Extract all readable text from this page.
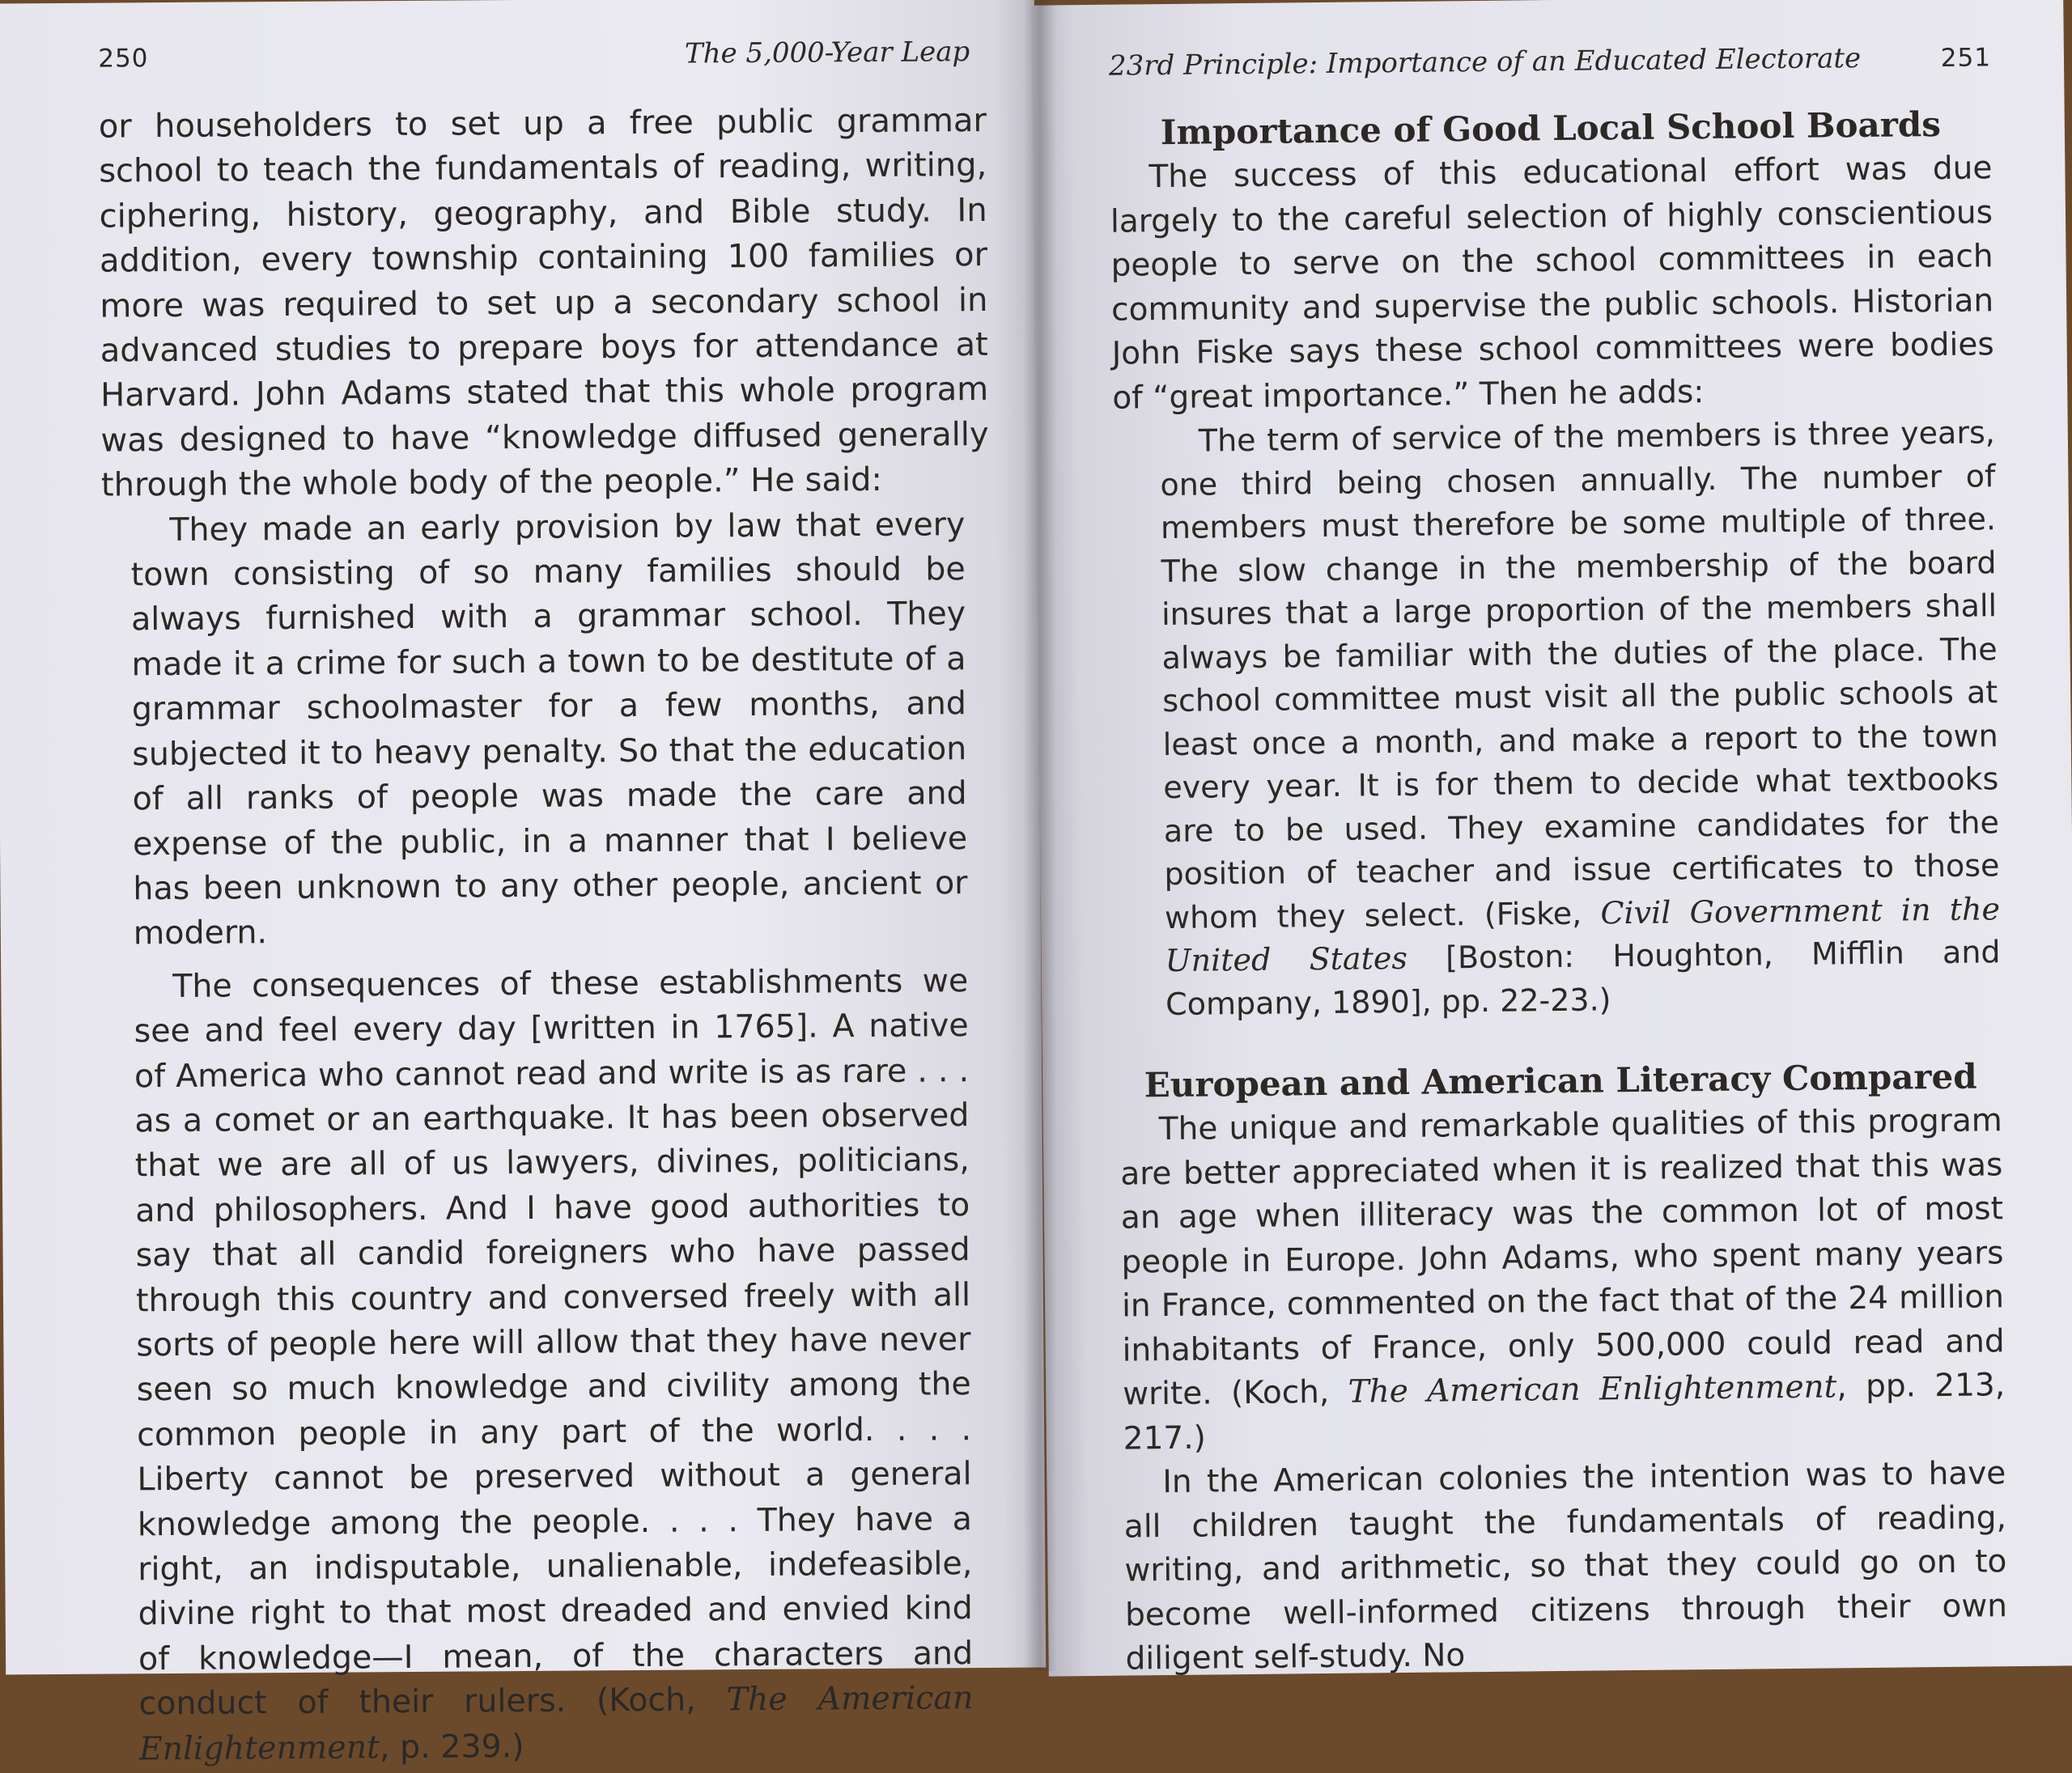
250	The 5,000-Year Leap

or householders to set up a free public grammar school to teach the fundamentals of reading, writing, ciphering, history, geography, and Bible study. In addition, every township containing 100 families or more was required to set up a secondary school in advanced studies to prepare boys for attendance at Harvard. John Adams stated that this whole program was designed to have “knowledge diffused generally through the whole body of the people.” He said:

They made an early provision by law that every town consisting of so many families should be always furnished with a grammar school. They made it a crime for such a town to be destitute of a grammar schoolmaster for a few months, and subjected it to heavy penalty. So that the education of all ranks of people was made the care and expense of the public, in a manner that I believe has been unknown to any other people, ancient or modern.

The consequences of these establishments we see and feel every day [written in 1765]. A native of America who cannot read and write is as rare . . . as a comet or an earthquake. It has been observed that we are all of us lawyers, divines, politicians, and philosophers. And I have good authorities to say that all candid foreigners who have passed through this country and conversed freely with all sorts of people here will allow that they have never seen so much knowledge and civility among the common people in any part of the world. . . . Liberty cannot be preserved without a general knowledge among the people. . . . They have a right, an indisputable, unalienable, indefeasible, divine right to that most dreaded and envied kind of knowledge—I mean, of the characters and conduct of their rulers. (Koch, The American Enlightenment, p. 239.)

23rd Principle: Importance of an Educated Electorate	251
Importance of Good Local School Boards

The success of this educational effort was due largely to the careful selection of highly conscientious people to serve on the school committees in each community and supervise the public schools. Historian John Fiske says these school committees were bodies of “great importance.” Then he adds:

The term of service of the members is three years, one third being chosen annually. The number of members must therefore be some multiple of three. The slow change in the membership of the board insures that a large proportion of the members shall always be familiar with the duties of the place. The school committee must visit all the public schools at least once a month, and make a report to the town every year. It is for them to decide what textbooks are to be used. They examine candidates for the position of teacher and issue certificates to those whom they select. (Fiske, Civil Government in the United States [Boston: Houghton, Mifflin and Company, 1890], pp. 22-23.)

European and American Literacy Compared

The unique and remarkable qualities of this program are better appreciated when it is realized that this was an age when illiteracy was the common lot of most people in Europe. John Adams, who spent many years in France, commented on the fact that of the 24 million inhabitants of France, only 500,000 could read and write. (Koch, The American Enlightenment, pp. 213, 217.)

In the American colonies the intention was to have all children taught the fundamentals of reading, writing, and arithmetic, so that they could go on to become well-informed citizens through their own diligent self-study. No
